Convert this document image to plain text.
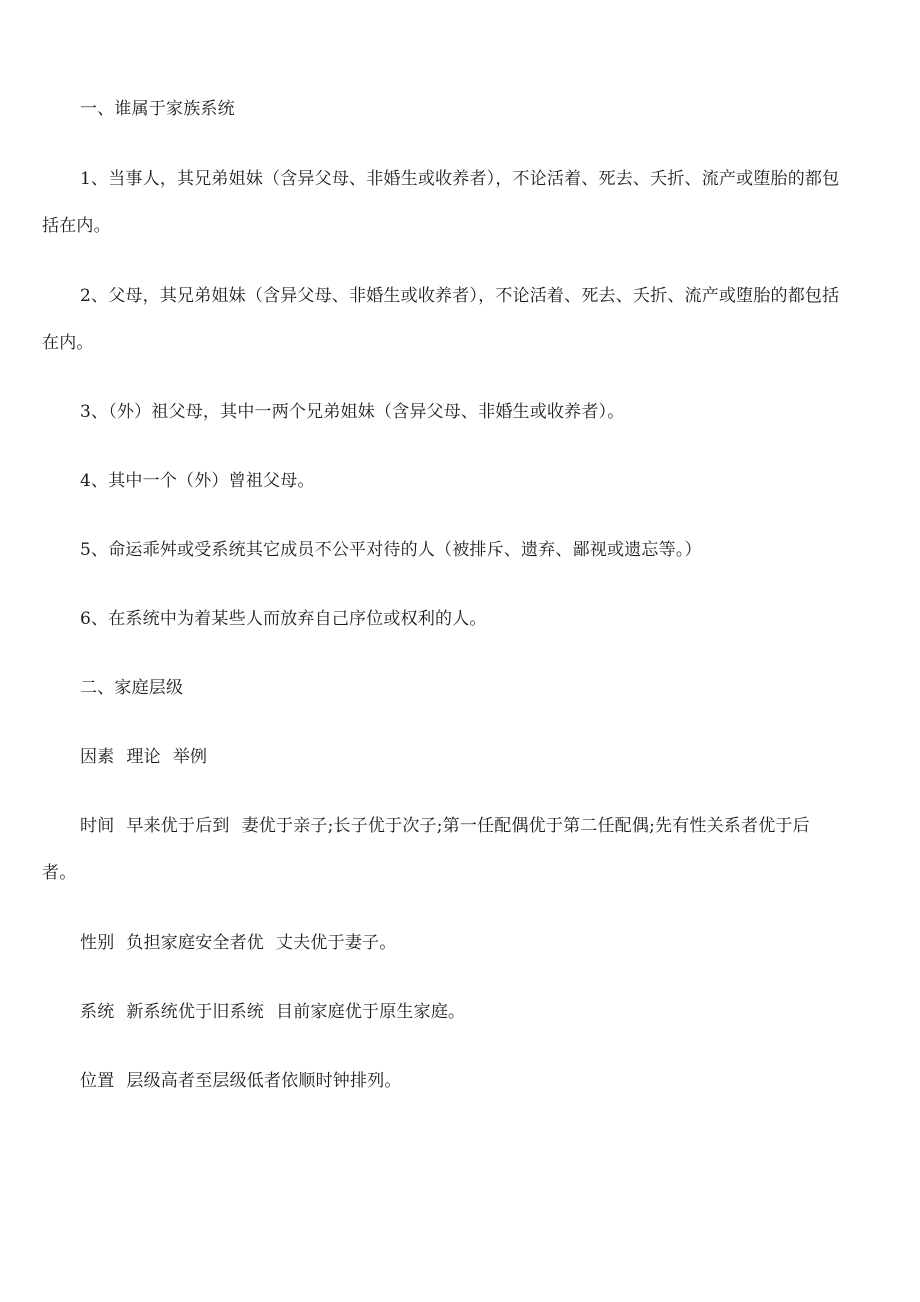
一、谁属于家族系统
1、当事人，其兄弟姐妹（含异父母、非婚生或收养者），不论活着、死去、夭折、流产或堕胎的都包
括在内。
2、父母，其兄弟姐妹（含异父母、非婚生或收养者），不论活着、死去、夭折、流产或堕胎的都包括
在内。
3、（外）祖父母，其中一两个兄弟姐妹（含异父母、非婚生或收养者）。
4、其中一个（外）曾祖父母。
5、命运乖舛或受系统其它成员不公平对待的人（被排斥、遗弃、鄙视或遗忘等。）
6、在系统中为着某些人而放弃自己序位或权利的人。
二、家庭层级
因素 理论 举例
时间 早来优于后到 妻优于亲子;长子优于次子;第一任配偶优于第二任配偶;先有性关系者优于后
者。
性别 负担家庭安全者优 丈夫优于妻子。
系统 新系统优于旧系统 目前家庭优于原生家庭。
位置 层级高者至层级低者依顺时钟排列。
